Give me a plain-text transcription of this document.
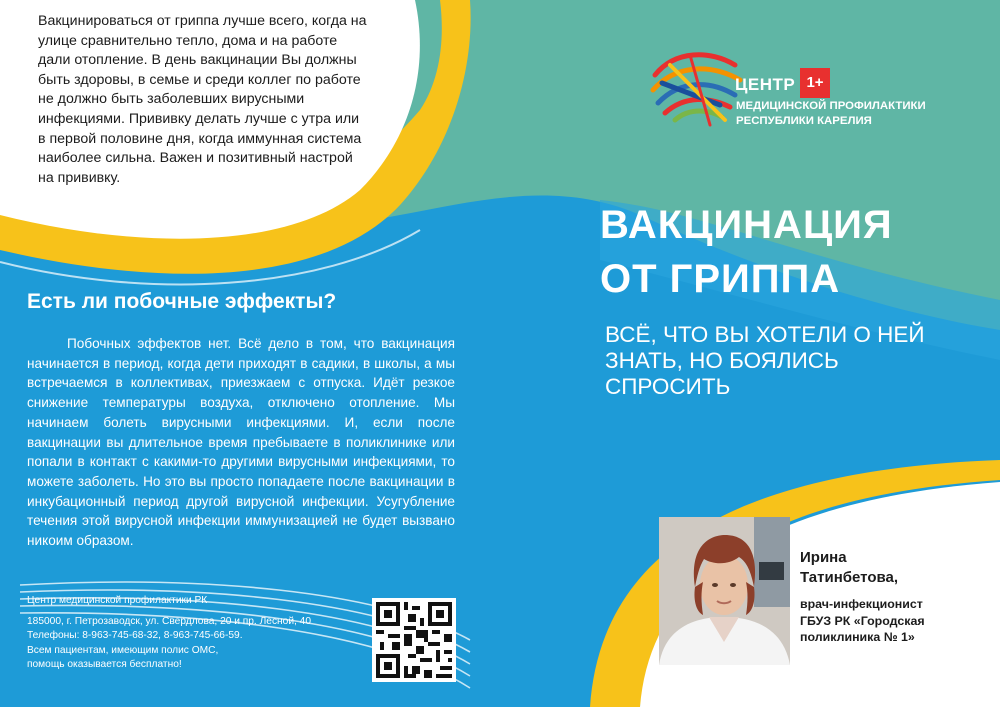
Вакцинироваться от гриппа лучше всего, когда на улице сравнительно тепло, дома и на работе дали отопление. В день вакцинации Вы должны быть здоровы, в семье и среди коллег по работе не должно быть заболевших вирусными инфекциями. Прививку делать лучше с утра или в первой половине дня, когда иммунная система наиболее сильна. Важен и позитивный настрой на прививку.
Есть ли побочные эффекты?
Побочных эффектов нет. Всё дело в том, что вакцинация начинается в период, когда дети приходят в садики, в школы, а мы встречаемся в коллективах, приезжаем с отпуска. Идёт резкое снижение температуры воздуха, отключено отопление. Мы начинаем болеть вирусными инфекциями. И, если после вакцинации вы длительное время пребываете в поликлинике или попали в контакт с какими-то другими вирусными инфекциями, то можете заболеть. Но это вы просто попадаете после вакцинации в инкубационный период другой вирусной инфекции. Усугубление течения этой вирусной инфекции иммунизацией не будет вызвано никоим образом.
Центр медицинской профилактики РК
185000, г. Петрозаводск, ул. Свердлова, 20 и пр. Лесной, 40
Телефоны: 8-963-745-68-32, 8-963-745-66-59.
Всем пациентам, имеющим полис ОМС,
помощь оказывается бесплатно!
ЦЕНТР 1+
МЕДИЦИНСКОЙ ПРОФИЛАКТИКИ
РЕСПУБЛИКИ КАРЕЛИЯ
ВАКЦИНАЦИЯ
ОТ ГРИППА
ВСЁ, ЧТО ВЫ ХОТЕЛИ О НЕЙ ЗНАТЬ, НО БОЯЛИСЬ СПРОСИТЬ
Ирина
Татинбетова,
врач-инфекционист
ГБУЗ РК «Городская
поликлиника № 1»
